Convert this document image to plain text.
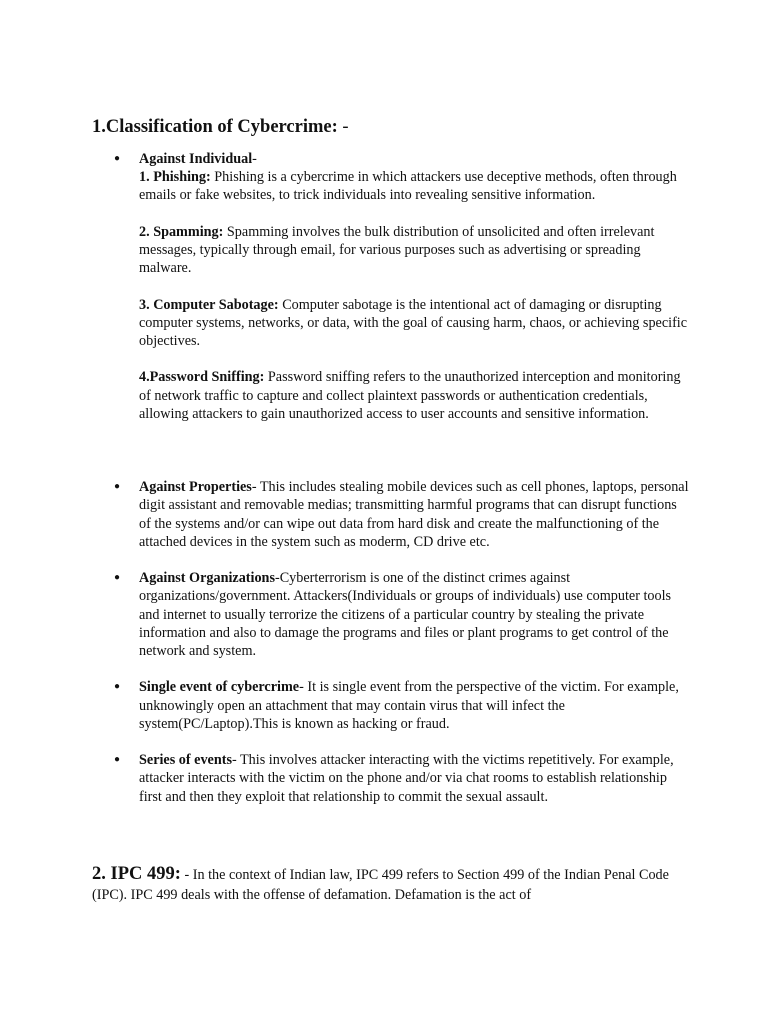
1.Classification of Cybercrime: -
● Against Individual-

1. Phishing: Phishing is a cybercrime in which attackers use deceptive methods, often through emails or fake websites, to trick individuals into revealing sensitive information.

2. Spamming: Spamming involves the bulk distribution of unsolicited and often irrelevant messages, typically through email, for various purposes such as advertising or spreading malware.

3. Computer Sabotage: Computer sabotage is the intentional act of damaging or disrupting computer systems, networks, or data, with the goal of causing harm, chaos, or achieving specific objectives.

4.Password Sniffing: Password sniffing refers to the unauthorized interception and monitoring of network traffic to capture and collect plaintext passwords or authentication credentials, allowing attackers to gain unauthorized access to user accounts and sensitive information.

● Against Properties- This includes stealing mobile devices such as cell phones, laptops, personal digit assistant and removable medias; transmitting harmful programs that can disrupt functions of the systems and/or can wipe out data from hard disk and create the malfunctioning of the attached devices in the system such as moderm, CD drive etc.

● Against Organizations-Cyberterrorism is one of the distinct crimes against organizations/government. Attackers(Individuals or groups of individuals) use computer tools and internet to usually terrorize the citizens of a particular country by stealing the private information and also to damage the programs and files or plant programs to get control of the network and system.

● Single event of cybercrime- It is single event from the perspective of the victim. For example, unknowingly open an attachment that may contain virus that will infect the system(PC/Laptop).This is known as hacking or fraud.

● Series of events- This involves attacker interacting with the victims repetitively. For example, attacker interacts with the victim on the phone and/or via chat rooms to establish relationship first and then they exploit that relationship to commit the sexual assault.

2. IPC 499: - In the context of Indian law, IPC 499 refers to Section 499 of the Indian Penal Code (IPC). IPC 499 deals with the offense of defamation. Defamation is the act of
